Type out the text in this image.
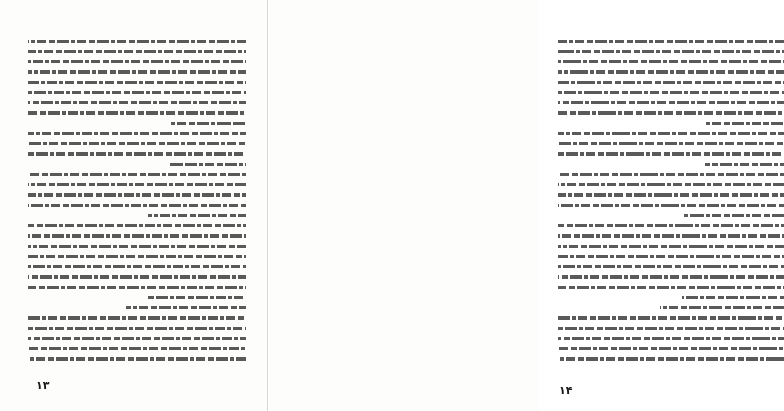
۱۳	۱۴
